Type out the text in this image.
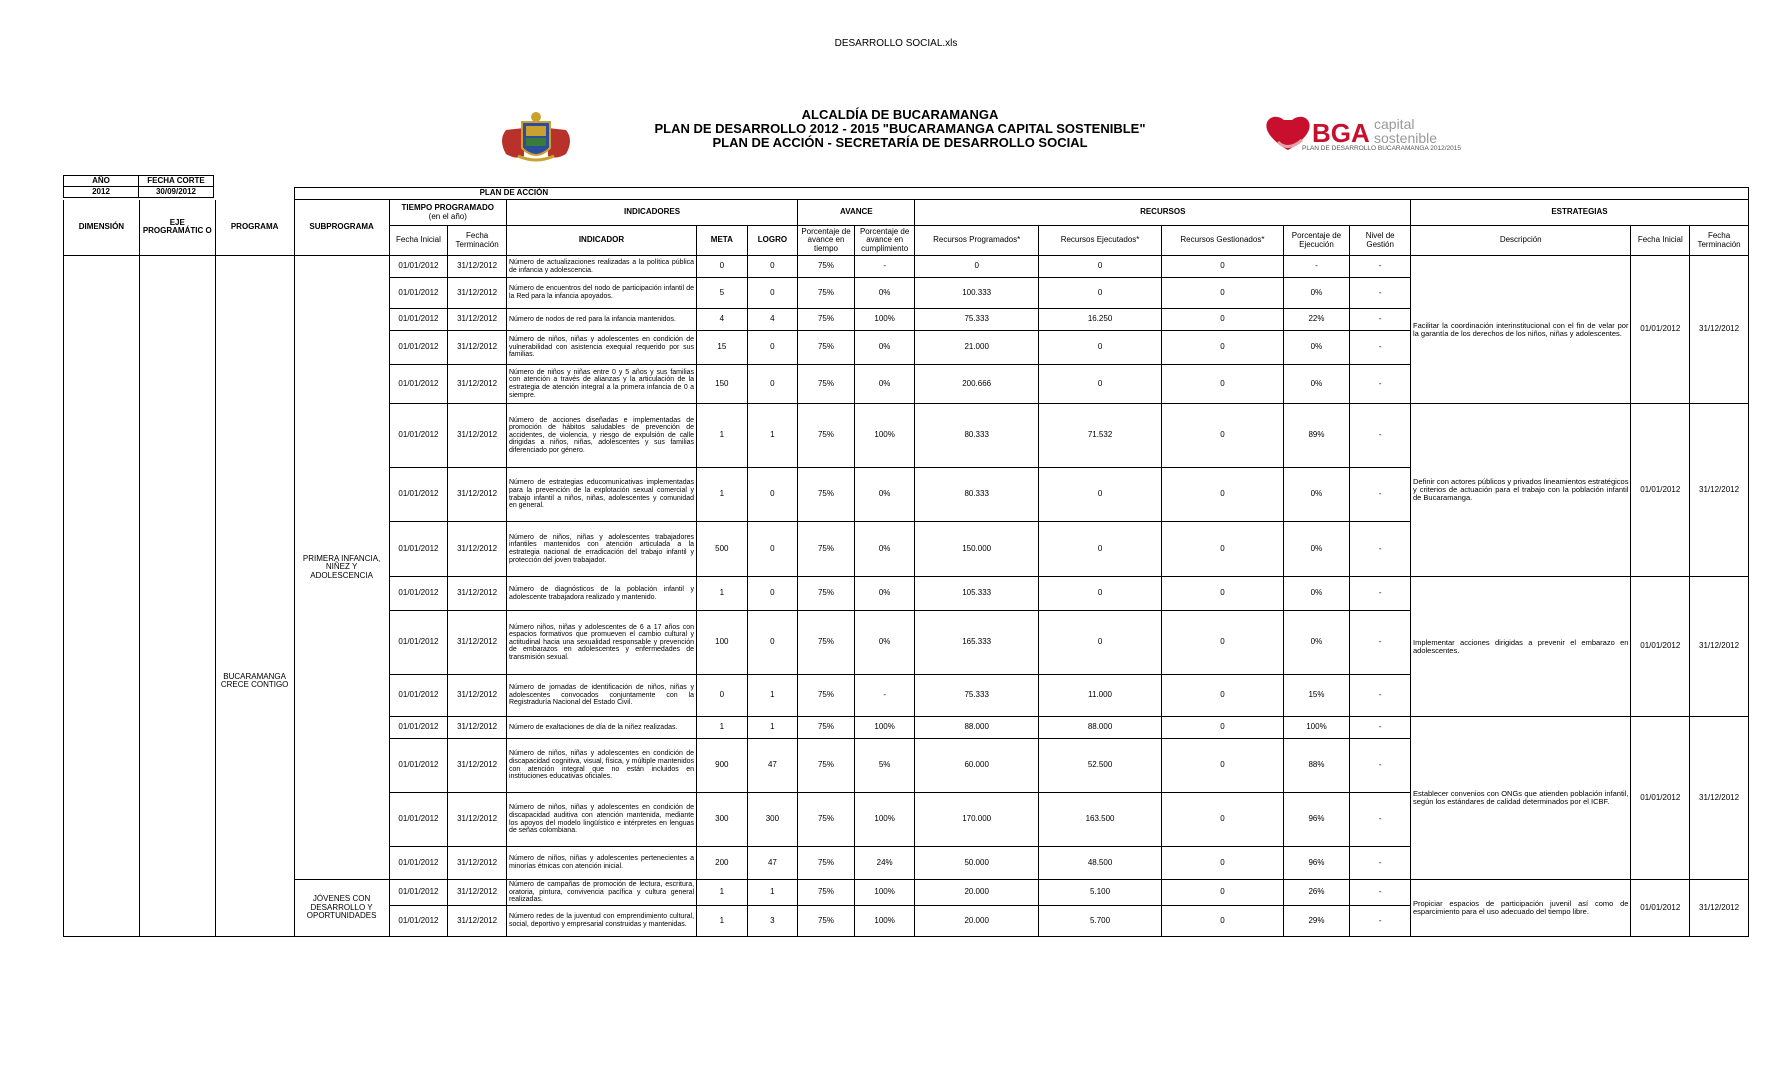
DESARROLLO SOCIAL.xls
ALCALDÍA DE BUCARAMANGA
PLAN DE DESARROLLO 2012 - 2015 "BUCARAMANGA CAPITAL SOSTENIBLE"
PLAN DE ACCIÓN - SECRETARÍA DE DESARROLLO SOCIAL	BGA capital
sostenible
PLAN DE DESARROLLO BUCARAMANGA 2012/2015
AÑO	FECHA CORTE
2012	30/09/2012
			PLAN DE ACCIÓN															
DIMENSIÓN	EJE PROGRAMÁTIC O	PROGRAMA	SUBPROGRAMA	TIEMPO PROGRAMADO
(en el año)		INDICADORES			AVANCE		RECURSOS					ESTRATEGIAS		
				Fecha Inicial	Fecha Terminación	INDICADOR	META	LOGRO	Porcentaje de avance en tiempo	Porcentaje de avance en cumplimiento	Recursos Programados*	Recursos Ejecutados*	Recursos Gestionados*	Porcentaje de Ejecución	Nivel de Gestión	Descripción	Fecha Inicial	Fecha Terminación
		BUCARAMANGA CRECE CONTIGO	PRIMERA INFANCIA, NIÑEZ Y ADOLESCENCIA	01/01/2012	31/12/2012	Número de actualizaciones realizadas a la política pública de infancia y adolescencia.	0	0	75%	-	0	0	0	-	-	Facilitar la coordinación interinstitucional con el fin de velar por la garantía de los derechos de los niños, niñas y adolescentes.	01/01/2012	31/12/2012
				01/01/2012	31/12/2012	Número de encuentros del nodo de participación infantil de la Red para la infancia apoyados.	5	0	75%	0%	100.333	0	0	0%	-			
				01/01/2012	31/12/2012	Número de nodos de red para la infancia mantenidos.	4	4	75%	100%	75.333	16.250	0	22%	-			
				01/01/2012	31/12/2012	Número de niños, niñas y adolescentes en condición de vulnerabilidad con asistencia exequial requerido por sus familias.	15	0	75%	0%	21.000	0	0	0%	-			
				01/01/2012	31/12/2012	Número de niños y niñas entre 0 y 5 años y sus familias con atención a través de alianzas y la articulación de la estrategia de atención integral a la primera infancia de 0 a siempre.	150	0	75%	0%	200.666	0	0	0%	-			
				01/01/2012	31/12/2012	Número de acciones diseñadas e implementadas de promoción de hábitos saludables de prevención de accidentes, de violencia, y riesgo de expulsión de calle dirigidas a niños, niñas, adolescentes y sus familias diferenciado por género.	1	1	75%	100%	80.333	71.532	0	89%	-	Definir con actores públicos y privados lineamientos estratégicos y criterios de actuación para el trabajo con la población infantil de Bucaramanga.	01/01/2012	31/12/2012
				01/01/2012	31/12/2012	Número de estrategias educomunicativas implementadas para la prevención de la explotación sexual comercial y trabajo infantil a niños, niñas, adolescentes y comunidad en general.	1	0	75%	0%	80.333	0	0	0%	-			
				01/01/2012	31/12/2012	Número de niños, niñas y adolescentes trabajadores infantiles mantenidos con atención articulada a la estrategia nacional de erradicación del trabajo infantil y protección del joven trabajador.	500	0	75%	0%	150.000	0	0	0%	-			
				01/01/2012	31/12/2012	Número de diagnósticos de la población infantil y adolescente trabajadora realizado y mantenido.	1	0	75%	0%	105.333	0	0	0%	-	Implementar acciones dirigidas a prevenir el embarazo en adolescentes.	01/01/2012	31/12/2012
				01/01/2012	31/12/2012	Número niños, niñas y adolescentes de 6 a 17 años con espacios formativos que promueven el cambio cultural y actitudinal hacia una sexualidad responsable y prevención de embarazos en adolescentes y enfermedades de transmisión sexual.	100	0	75%	0%	165.333	0	0	0%	-			
				01/01/2012	31/12/2012	Número de jornadas de identificación de niños, niñas y adolescentes convocados conjuntamente con la Registraduría Nacional del Estado Civil.	0	1	75%	-	75.333	11.000	0	15%	-			
				01/01/2012	31/12/2012	Número de exaltaciones de día de la niñez realizadas.	1	1	75%	100%	88.000	88.000	0	100%	-	Establecer convenios con ONGs que atienden población infantil, según los estándares de calidad determinados por el ICBF.	01/01/2012	31/12/2012
				01/01/2012	31/12/2012	Número de niños, niñas y adolescentes en condición de discapacidad cognitiva, visual, física, y múltiple mantenidos con atención integral que no están incluidos en instituciones educativas oficiales.	900	47	75%	5%	60.000	52.500	0	88%	-			
				01/01/2012	31/12/2012	Número de niños, niñas y adolescentes en condición de discapacidad auditiva con atención mantenida, mediante los apoyos del modelo lingüístico e intérpretes en lenguas de señas colombiana.	300	300	75%	100%	170.000	163.500	0	96%	-			
				01/01/2012	31/12/2012	Número de niños, niñas y adolescentes pertenecientes a minorías étnicas con atención inicial.	200	47	75%	24%	50.000	48.500	0	96%	-			
			JÓVENES CON DESARROLLO Y OPORTUNIDADES	01/01/2012	31/12/2012	Número de campañas de promoción de lectura, escritura, oratoria, pintura, convivencia pacífica y cultura general realizadas.	1	1	75%	100%	20.000	5.100	0	26%	-	Propiciar espacios de participación juvenil así como de esparcimiento para el uso adecuado del tiempo libre.	01/01/2012	31/12/2012
				01/01/2012	31/12/2012	Número redes de la juventud con emprendimiento cultural, social, deportivo y empresarial construidas y mantenidas.	1	3	75%	100%	20.000	5.700	0	29%	-			
